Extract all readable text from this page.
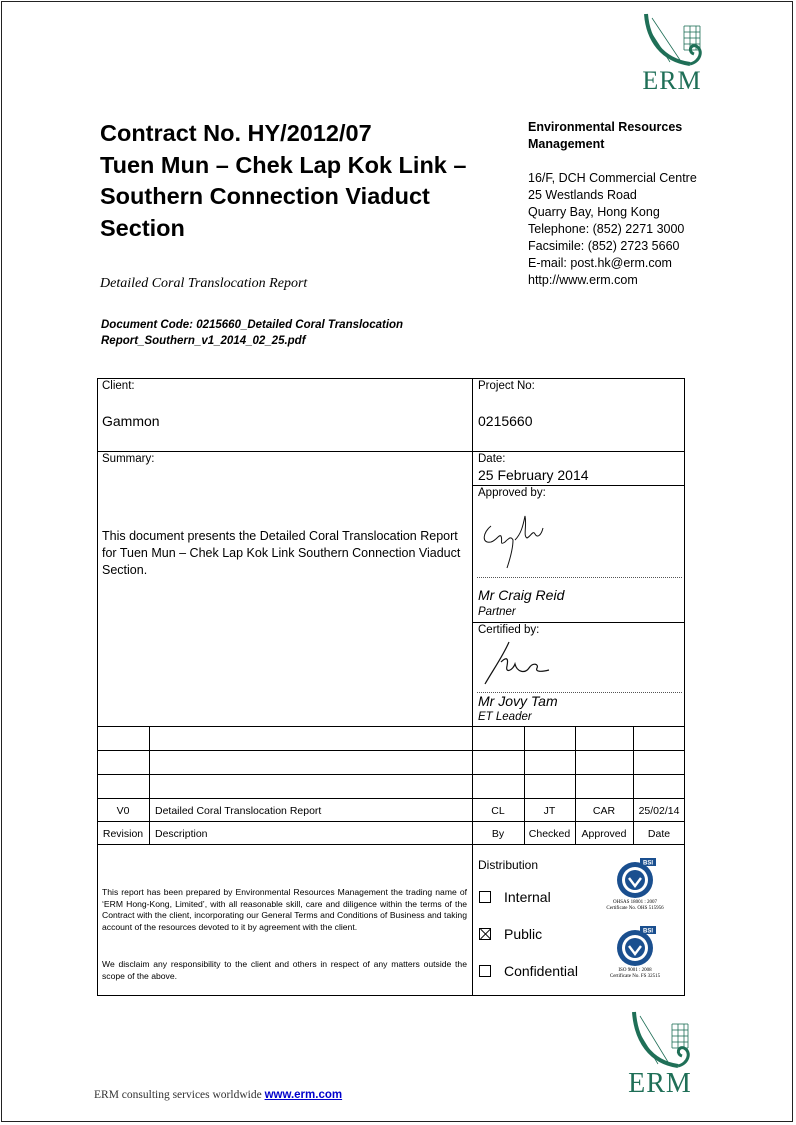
ERM
Contract No. HY/2012/07
Tuen Mun – Chek Lap Kok Link –
Southern Connection Viaduct
Section
Environmental Resources
Management
16/F, DCH Commercial Centre
25 Westlands Road
Quarry Bay, Hong Kong
Telephone: (852) 2271 3000
Facsimile: (852) 2723 5660
E-mail: post.hk@erm.com
http://www.erm.com
Detailed Coral Translocation Report
Document Code: 0215660_Detailed Coral Translocation
Report_Southern_v1_2014_02_25.pdf
Client:
Gammon
Project No:
0215660
Summary:
This document presents the Detailed Coral Translocation Report for Tuen Mun – Chek Lap Kok Link Southern Connection Viaduct Section.
Date:
25 February 2014
Approved by:
Mr Craig Reid
Partner
Certified by:
Mr Jovy Tam
ET Leader
V0	Detailed Coral Translocation Report	CL	JT	CAR	25/02/14
Revision	Description	By	Checked	Approved	Date
This report has been prepared by Environmental Resources Management the trading name of ‘ERM Hong-Kong, Limited’, with all reasonable skill, care and diligence within the terms of the Contract with the client, incorporating our General Terms and Conditions of Business and taking account of the resources devoted to it by agreement with the client.
We disclaim any responsibility to the client and others in respect of any matters outside the scope of the above.
Distribution
Internal
Public
Confidential
BSI
OHSAS 18001 : 2007
Certificate No. OHS 515956
BSI
ISO 9001 : 2008
Certificate No. FS 32515
ERM
ERM consulting services worldwide www.erm.com
